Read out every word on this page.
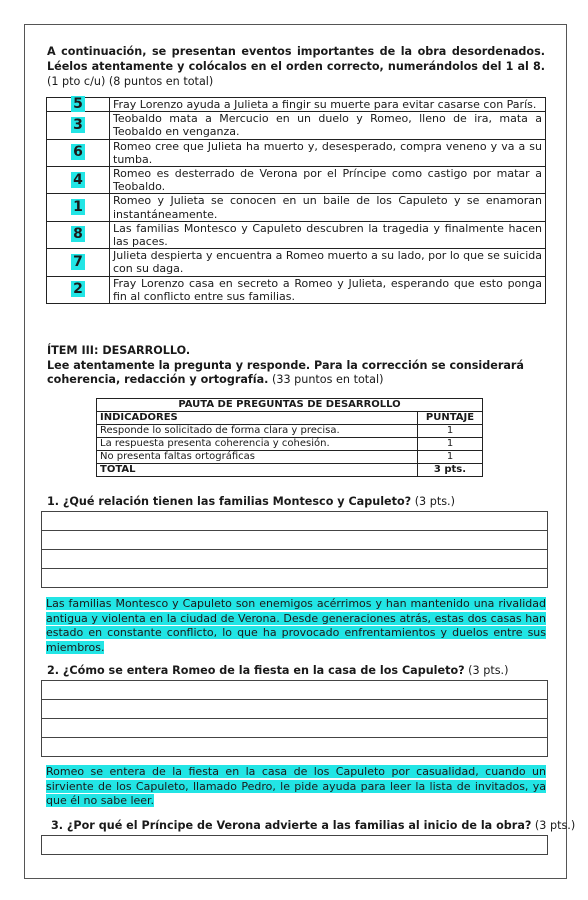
A continuación, se presentan eventos importantes de la obra desordenados. Léelos atentamente y colócalos en el orden correcto, numerándolos del 1 al 8. (1 pto c/u) (8 puntos en total)
5	Fray Lorenzo ayuda a Julieta a fingir su muerte para evitar casarse con París.
3	Teobaldo mata a Mercucio en un duelo y Romeo, lleno de ira, mata a Teobaldo en venganza.
6	Romeo cree que Julieta ha muerto y, desesperado, compra veneno y va a su tumba.
4	Romeo es desterrado de Verona por el Príncipe como castigo por matar a Teobaldo.
1	Romeo y Julieta se conocen en un baile de los Capuleto y se enamoran instantáneamente.
8	Las familias Montesco y Capuleto descubren la tragedia y finalmente hacen las paces.
7	Julieta despierta y encuentra a Romeo muerto a su lado, por lo que se suicida con su daga.
2	Fray Lorenzo casa en secreto a Romeo y Julieta, esperando que esto ponga fin al conflicto entre sus familias.
ÍTEM III: DESARROLLO.
Lee atentamente la pregunta y responde. Para la corrección se considerará coherencia, redacción y ortografía. (33 puntos en total)
PAUTA DE PREGUNTAS DE DESARROLLO	
INDICADORES	PUNTAJE
Responde lo solicitado de forma clara y precisa.	1
La respuesta presenta coherencia y cohesión.	1
No presenta faltas ortográficas	1
TOTAL	3 pts.
1. ¿Qué relación tienen las familias Montesco y Capuleto? (3 pts.)
Las familias Montesco y Capuleto son enemigos acérrimos y han mantenido una rivalidad antigua y violenta en la ciudad de Verona. Desde generaciones atrás, estas dos casas han estado en constante conflicto, lo que ha provocado enfrentamientos y duelos entre sus miembros.
2. ¿Cómo se entera Romeo de la fiesta en la casa de los Capuleto? (3 pts.)
Romeo se entera de la fiesta en la casa de los Capuleto por casualidad, cuando un sirviente de los Capuleto, llamado Pedro, le pide ayuda para leer la lista de invitados, ya que él no sabe leer.
3. ¿Por qué el Príncipe de Verona advierte a las familias al inicio de la obra? (3 pts.)
